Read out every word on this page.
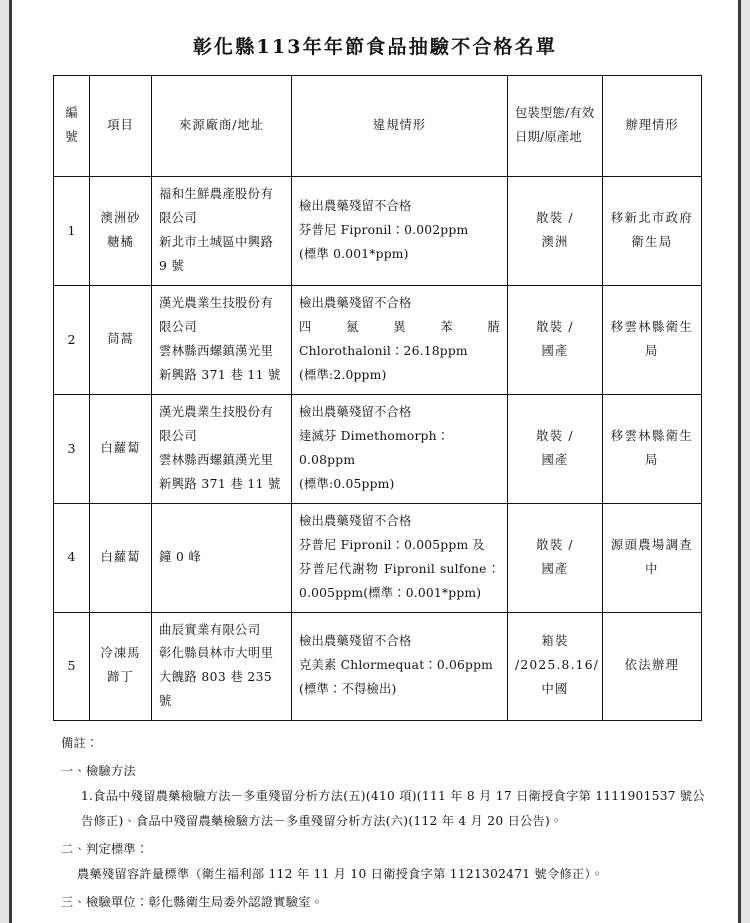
彰化縣113年年節食品抽驗不合格名單
編號	項目	來源廠商/地址	違規情形	包裝型態/有效日期/原產地	辦理情形
1	澳洲砂糖橘	福和生鮮農產股份有限公司
新北市土城區中興路 9 號	檢出農藥殘留不合格
芬普尼 Fipronil：0.002ppm
(標準 0.001*ppm)	散裝 /
澳洲	移新北市政府衛生局
2	茼蒿	漢光農業生技股份有限公司
雲林縣西螺鎮漢光里新興路 371 巷 11 號	檢出農藥殘留不合格
四氯異苯腈
Chlorothalonil：26.18ppm
(標準:2.0ppm)	散裝 /
國產	移雲林縣衛生局
3	白蘿蔔	漢光農業生技股份有限公司
雲林縣西螺鎮漢光里新興路 371 巷 11 號	檢出農藥殘留不合格
達滅芬 Dimethomorph：0.08ppm
(標準:0.05ppm)	散裝 /
國產	移雲林縣衛生局
4	白蘿蔔	鐘 0 峰	檢出農藥殘留不合格
芬普尼 Fipronil：0.005ppm 及
芬普尼代謝物 Fipronil sulfone：
0.005ppm(標準：0.001*ppm)	散裝 /
國產	源頭農場調查中
5	冷凍馬蹄丁	曲辰實業有限公司
彰化縣員林市大明里大餽路 803 巷 235 號	檢出農藥殘留不合格
克美素 Chlormequat：0.06ppm
(標準：不得檢出)	箱裝
/2025.8.16/
中國	依法辦理
備註：
一、檢驗方法
1.食品中殘留農藥檢驗方法－多重殘留分析方法(五)(410 項)(111 年 8 月 17 日衛授食字第 1111901537 號公告修正)、食品中殘留農藥檢驗方法－多重殘留分析方法(六)(112 年 4 月 20 日公告)。
二、判定標準：
農藥殘留容許量標準（衛生福利部 112 年 11 月 10 日衛授食字第 1121302471 號令修正）。
三、檢驗單位：彰化縣衛生局委外認證實驗室。
